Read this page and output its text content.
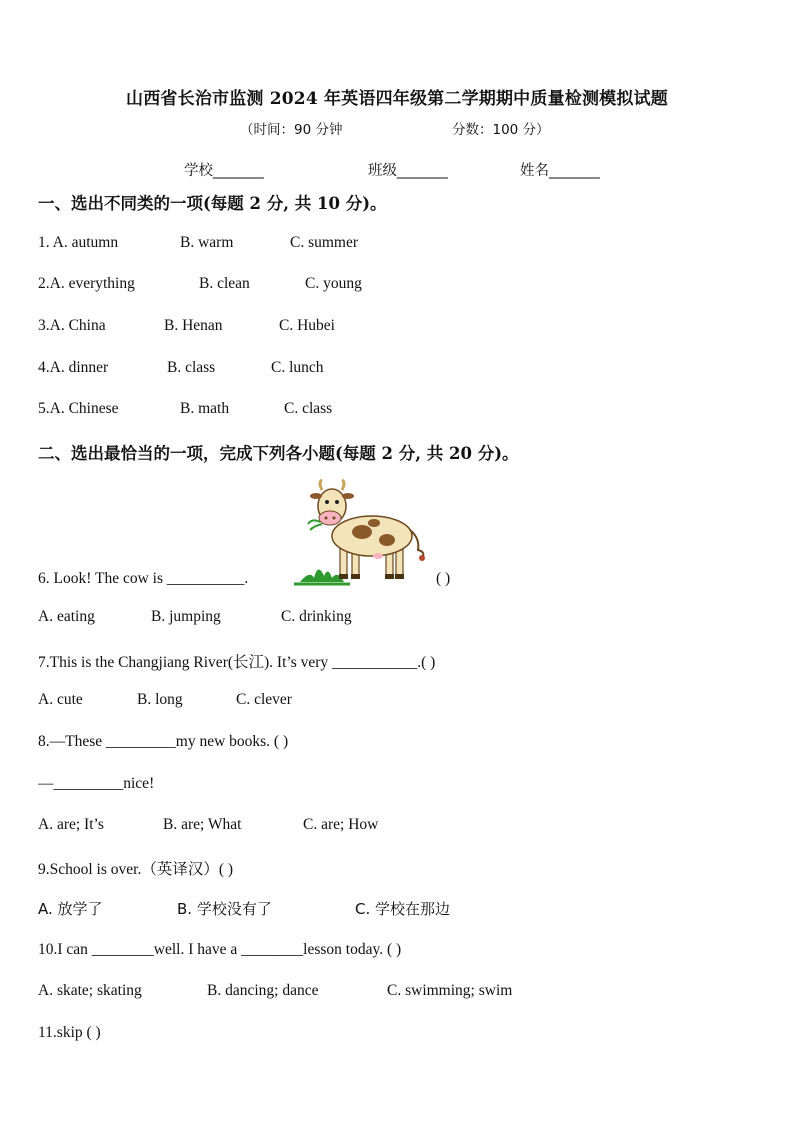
山西省长治市监测 2024 年英语四年级第二学期期中质量检测模拟试题
（时间：90 分钟	分数：100 分）
学校_______	班级_______	姓名_______
一、选出不同类的一项(每题 2 分, 共 10 分)。
1. A. autumn	B. warm	C. summer
2.A. everything	B. clean	C. young
3.A. China	B. Henan	C. Hubei
4.A. dinner	B. class	C. lunch
5.A. Chinese	B. math	C. class
二、选出最恰当的一项，完成下列各小题(每题 2 分, 共 20 分)。
6. Look! The cow is __________.	( )
A. eating	B. jumping	C. drinking
7.This is the Changjiang River(长江). It’s very ___________.( )
A. cute	B. long	C. clever
8.—These _________my new books. ( )
—_________nice!
A. are; It’s	B. are; What	C. are; How
9.School is over.（英译汉）( )
A. 放学了	B. 学校没有了	C. 学校在那边
10.I can ________well. I have a ________lesson today. ( )
A. skate; skating	B. dancing; dance	C. swimming; swim
11.skip ( )
